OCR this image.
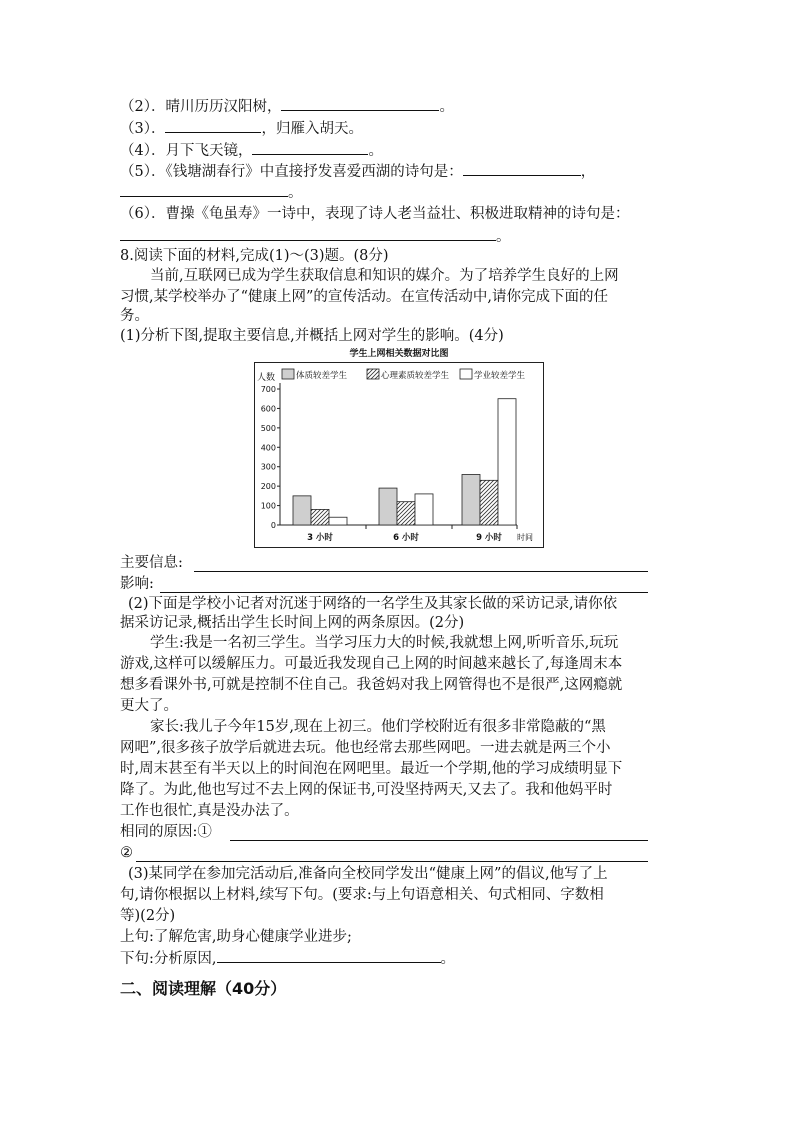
（2）．晴川历历汉阳树，	。
（3）．	，归雁入胡天。
（4）．月下飞天镜，	。
（5）．《钱塘湖春行》中直接抒发喜爱西湖的诗句是：	，
。
（6）．曹操《龟虽寿》一诗中，表现了诗人老当益壮、积极进取精神的诗句是：
。
8.阅读下面的材料,完成(1)～(3)题。(8分)
当前,互联网已成为学生获取信息和知识的媒介。为了培养学生良好的上网
习惯,某学校举办了“健康上网”的宣传活动。在宣传活动中,请你完成下面的任
务。
(1)分析下图,提取主要信息,并概括上网对学生的影响。(4分)
学生上网相关数据对比图
0
100
200
300
400
500
600
700
人数
时间
体质较差学生	心理素质较差学生	学业较差学生
3 小时	6 小时	9 小时
主要信息:
影响:
(2)下面是学校小记者对沉迷于网络的一名学生及其家长做的采访记录,请你依
据采访记录,概括出学生长时间上网的两条原因。(2分)
学生:我是一名初三学生。当学习压力大的时候,我就想上网,听听音乐,玩玩
游戏,这样可以缓解压力。可最近我发现自己上网的时间越来越长了,每逢周末本
想多看课外书,可就是控制不住自己。我爸妈对我上网管得也不是很严,这网瘾就
更大了。
家长:我儿子今年15岁,现在上初三。他们学校附近有很多非常隐蔽的“黑
网吧”,很多孩子放学后就进去玩。他也经常去那些网吧。一进去就是两三个小
时,周末甚至有半天以上的时间泡在网吧里。最近一个学期,他的学习成绩明显下
降了。为此,他也写过不去上网的保证书,可没坚持两天,又去了。我和他妈平时
工作也很忙,真是没办法了。
相同的原因:①
②
(3)某同学在参加完活动后,准备向全校同学发出“健康上网”的倡议,他写了上
句,请你根据以上材料,续写下句。(要求:与上句语意相关、句式相同、字数相
等)(2分)
上句:了解危害,助身心健康学业进步;
下句:分析原因,	。
二、阅读理解（40分）
